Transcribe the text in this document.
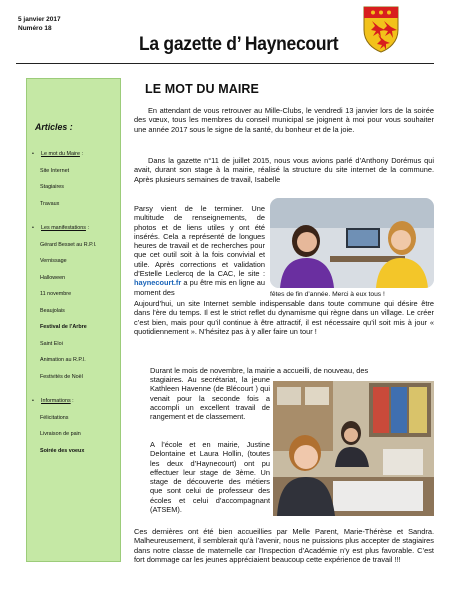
5 janvier 2017
Numéro 18
La gazette d’ Haynecourt
Articles :
• Le mot du Maire :
Site Internet
Stagiaires
Travaux
• Les manifestations :
Gérard Besset au R.P.I.
Vernissage
Halloween
11 novembre
Beaujolais
Festival de l’Arbre
Saint Eloi
Animation au R.P.I.
Festivités de Noël
• Informations :
Félicitations
Livraison de pain
Soirée des voeux
LE MOT DU MAIRE

En attendant de vous retrouver au Mille-Clubs, le vendredi 13 janvier lors de la soirée des vœux, tous les membres du conseil municipal se joignent à moi pour vous souhaiter une année 2017 sous le signe de la santé, du bonheur et de la joie.

Dans la gazette n°11 de juillet 2015, nous vous avions parlé d’Anthony Dorémus qui avait, durant son stage à la mairie, réalisé la structure du site internet de la commune. Après plusieurs semaines de travail, Isabelle

Parsy vient de le terminer. Une multitude de renseignements, de photos et de liens utiles y ont été insérés. Cela a représenté de longues heures de travail et de recherches pour que cet outil soit à la fois convivial et utile. Après corrections et validation d’Estelle Leclercq de la CAC, le site : haynecourt.fr a pu être mis en ligne au moment des	fêtes de fin d’année. Merci à eux tous !

Aujourd’hui, un site Internet semble indispensable dans toute commune qui désire être dans l’ère du temps. Il est le strict reflet du dynamisme qui règne dans un village. Le créer c’est bien, mais pour qu’il continue à être attractif, il est nécessaire qu’il soit mis à jour « quotidiennement ». N’hésitez pas à y aller faire un tour !

Durant le mois de novembre, la mairie a accueilli, de nouveau, des

stagiaires. Au secrétariat, la jeune Kathleen Havenne (de Blécourt ) qui venait pour la seconde fois a accompli un excellent travail de rangement et de classement.

A l’école et en mairie, Justine Delontaine et Laura Hollin, (toutes les deux d’Haynecourt) ont pu effectuer leur stage de 3ème. Un stage de découverte des métiers que sont celui de professeur des écoles et celui d’accompagnant (ATSEM).

Ces dernières ont été bien accueillies par Melle Parent, Marie-Thérèse et Sandra. Malheureusement, il semblerait qu’à l’avenir, nous ne puissions plus accepter de stagiaires dans notre classe de maternelle car l’Inspection d’Académie n’y est plus favorable. C’est fort dommage car les jeunes appréciaient beaucoup cette expérience de travail !!!
